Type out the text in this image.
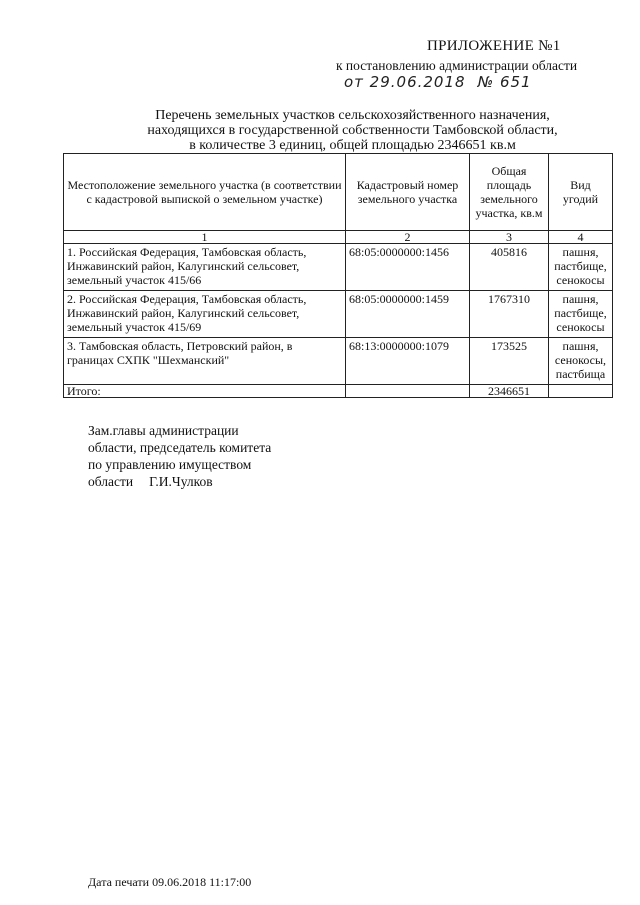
ПРИЛОЖЕНИЕ №1
к постановлению администрации области
от 29.06.2018 № 651
Перечень земельных участков сельскохозяйственного назначения,
находящихся в государственной собственности Тамбовской области,
в количестве 3 единиц, общей площадью 2346651 кв.м
Местоположение земельного участка (в соответствии с кадастровой выпиской о земельном участке)	Кадастровый номер земельного участка	Общая площадь земельного участка, кв.м	Вид угодий
1	2	3	4
1. Российская Федерация, Тамбовская область, Инжавинский район, Калугинский сельсовет, земельный участок 415/66	68:05:0000000:1456	405816	пашня, пастбище, сенокосы
2. Российская Федерация, Тамбовская область, Инжавинский район, Калугинский сельсовет, земельный участок 415/69	68:05:0000000:1459	1767310	пашня, пастбище, сенокосы
3. Тамбовская область, Петровский район, в границах СХПК "Шехманский"	68:13:0000000:1079	173525	пашня, сенокосы, пастбища
Итого:		2346651	
Зам.главы администрации
области, председатель комитета
по управлению имуществом
области Г.И.Чулков
Дата печати 09.06.2018 11:17:00
